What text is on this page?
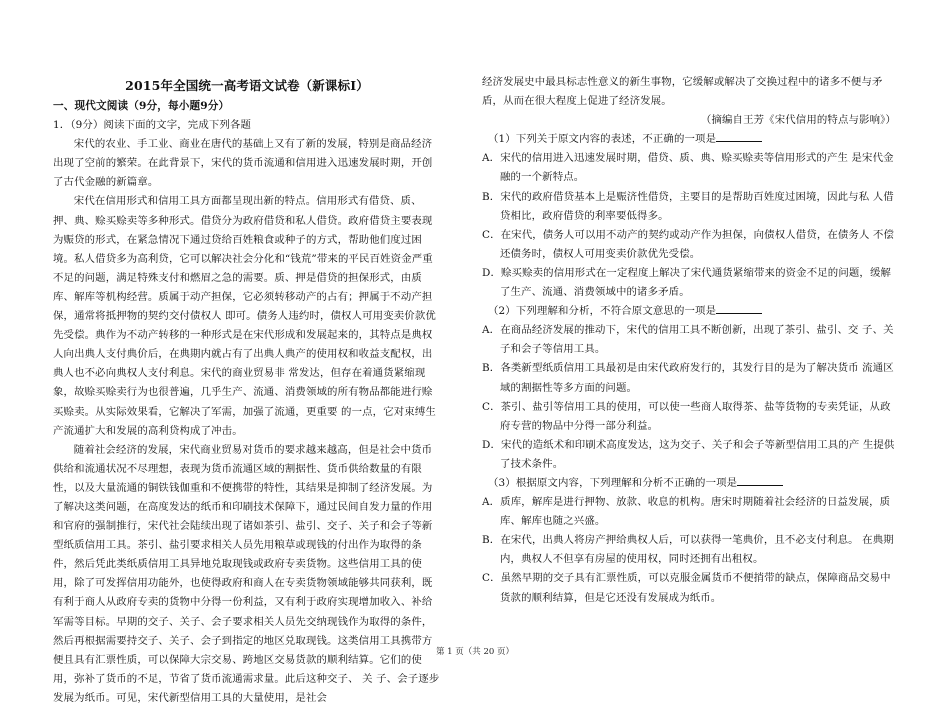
2015年全国统一高考语文试卷（新课标Ⅰ）
一、现代文阅读（9分，每小题9分）

1．（9分）阅读下面的文字，完成下列各题

宋代的农业、手工业、商业在唐代的基础上又有了新的发展，特别是商品经济出现了空前的繁荣。在此背景下，宋代的货币流通和信用进入迅速发展时期，开创了古代金融的新篇章。

宋代在信用形式和信用工具方面都呈现出新的特点。信用形式有借贷、质、押、典、赊买赊卖等多种形式。借贷分为政府借贷和私人借贷。政府借贷主要表现为赈贷的形式，在紧急情况下通过贷给百姓粮食或种子的方式，帮助他们度过困境。私人借贷多为高利贷，它可以解决社会分化和“钱荒”带来的平民百姓资金严重不足的问题，满足特殊支付和燃眉之急的需要。质、押是借贷的担保形式，由质库、解库等机构经营。质属于动产担保，它必须转移动产的占有；押属于不动产担保，通常将抵押物的契约交付债权人 即可。债务人违约时，债权人可用变卖价款优先受偿。典作为不动产转移的一种形式是在宋代形成和发展起来的，其特点是典权人向出典人支付典价后，在典期内就占有了出典人典产的使用权和收益支配权，出典人也不必向典权人支付利息。宋代的商业贸易非 常发达，但存在着通货紧缩现象，故赊买赊卖行为也很普遍，几乎生产、流通、消费领域的所有物品都能进行赊买赊卖。从实际效果看，它解决了军需，加强了流通，更重要 的一点，它对束缚生产流通扩大和发展的高利贷构成了冲击。

随着社会经济的发展，宋代商业贸易对货币的要求越来越高，但是社会中货币供给和流通状况不尽理想，表现为货币流通区域的割据性、货币供给数量的有限性，以及大量流通的铜铁钱伽重和不便携带的特性，其结果是抑制了经济发展。为了解决这类问题，在高度发达的纸币和印刷技术保障下，通过民间自发力量的作用和官府的强制推行，宋代社会陆续出现了诸如茶引、盐引、交子、关子和会子等新型纸质信用工具。茶引、盐引要求相关人员先用粮草或现钱的付出作为取得的条件，然后凭此类纸质信用工具异地兑取现钱或政府专卖货物。这些信用工具的使用，除了可发挥信用功能外，也使得政府和商人在专卖货物领域能够共同获利，既有利于商人从政府专卖的货物中分得一份利益，又有利于政府实现增加收入、补给军需等目标。早期的交子、关子、会子要求相关人员先交纳现钱作为取得的条件，然后再根据需要持交子、关子、会子到指定的地区兑取现钱。这类信用工具携带方便且具有汇票性质，可以保障大宗交易、跨地区交易货款的顺利结算。它们的使用，弥补了货币的不足，节省了货币流通需求量。此后这种交子、 关 子、会子逐步发展为纸币。可见，宋代新型信用工具的大量使用，是社会

经济发展史中最具标志性意义的新生事物，它缓解或解决了交换过程中的诸多不便与矛盾，从而在很大程度上促进了经济发展。

（摘编自王芳《宋代信用的特点与影响》）

（1）下列关于原文内容的表述，不正确的一项是

A．宋代的信用进入迅速发展时期，借贷、质、典、赊买赊卖等信用形式的产生 是宋代金融的一个新特点。

B．宋代的政府借贷基本上是赈济性借贷，主要目的是帮助百姓度过困境，因此与私 人借贷相比，政府借贷的利率要低得多。

C．在宋代，债务人可以用不动产的契约或动产作为担保，向债权人借贷，在债务人 不偿还债务时，债权人可用变卖价款优先受偿。

D．赊买赊卖的信用形式在一定程度上解决了宋代通货紧缩带来的资金不足的问题，缓解了生产、流通、消费领域中的诸多矛盾。

（2）下列理解和分析，不符合原文意思的一项是

A．在商品经济发展的推动下，宋代的信用工具不断创新，出现了茶引、盐引、交 子、关子和会子等信用工具。

B．各类新型纸质信用工具最初是由宋代政府发行的，其发行目的是为了解决货币 流通区域的割据性等多方面的问题。

C．茶引、盐引等信用工具的使用，可以使一些商人取得茶、盐等货物的专卖凭证，从政府专营的物品中分得一部分利益。

D．宋代的造纸术和印刷术高度发达，这为交子、关子和会子等新型信用工具的产 生提供了技术条件。

（3）根据原文内容，下列理解和分析不正确的一项是

A．质库，解库是进行押物、放款、收息的机构。唐宋时期随着社会经济的日益发展，质库、解库也随之兴盛。

B．在宋代，出典人将房产押给典权人后，可以获得一笔典价，且不必支付利息。 在典期内，典权人不但享有房屋的使用权，同时还拥有出租权。

C．虽然早期的交子具有汇票性质，可以克服金属货币不便捎带的缺点，保障商品交易中货款的顺利结算，但是它还没有发展成为纸币。

第 1 页（共 20 页）
